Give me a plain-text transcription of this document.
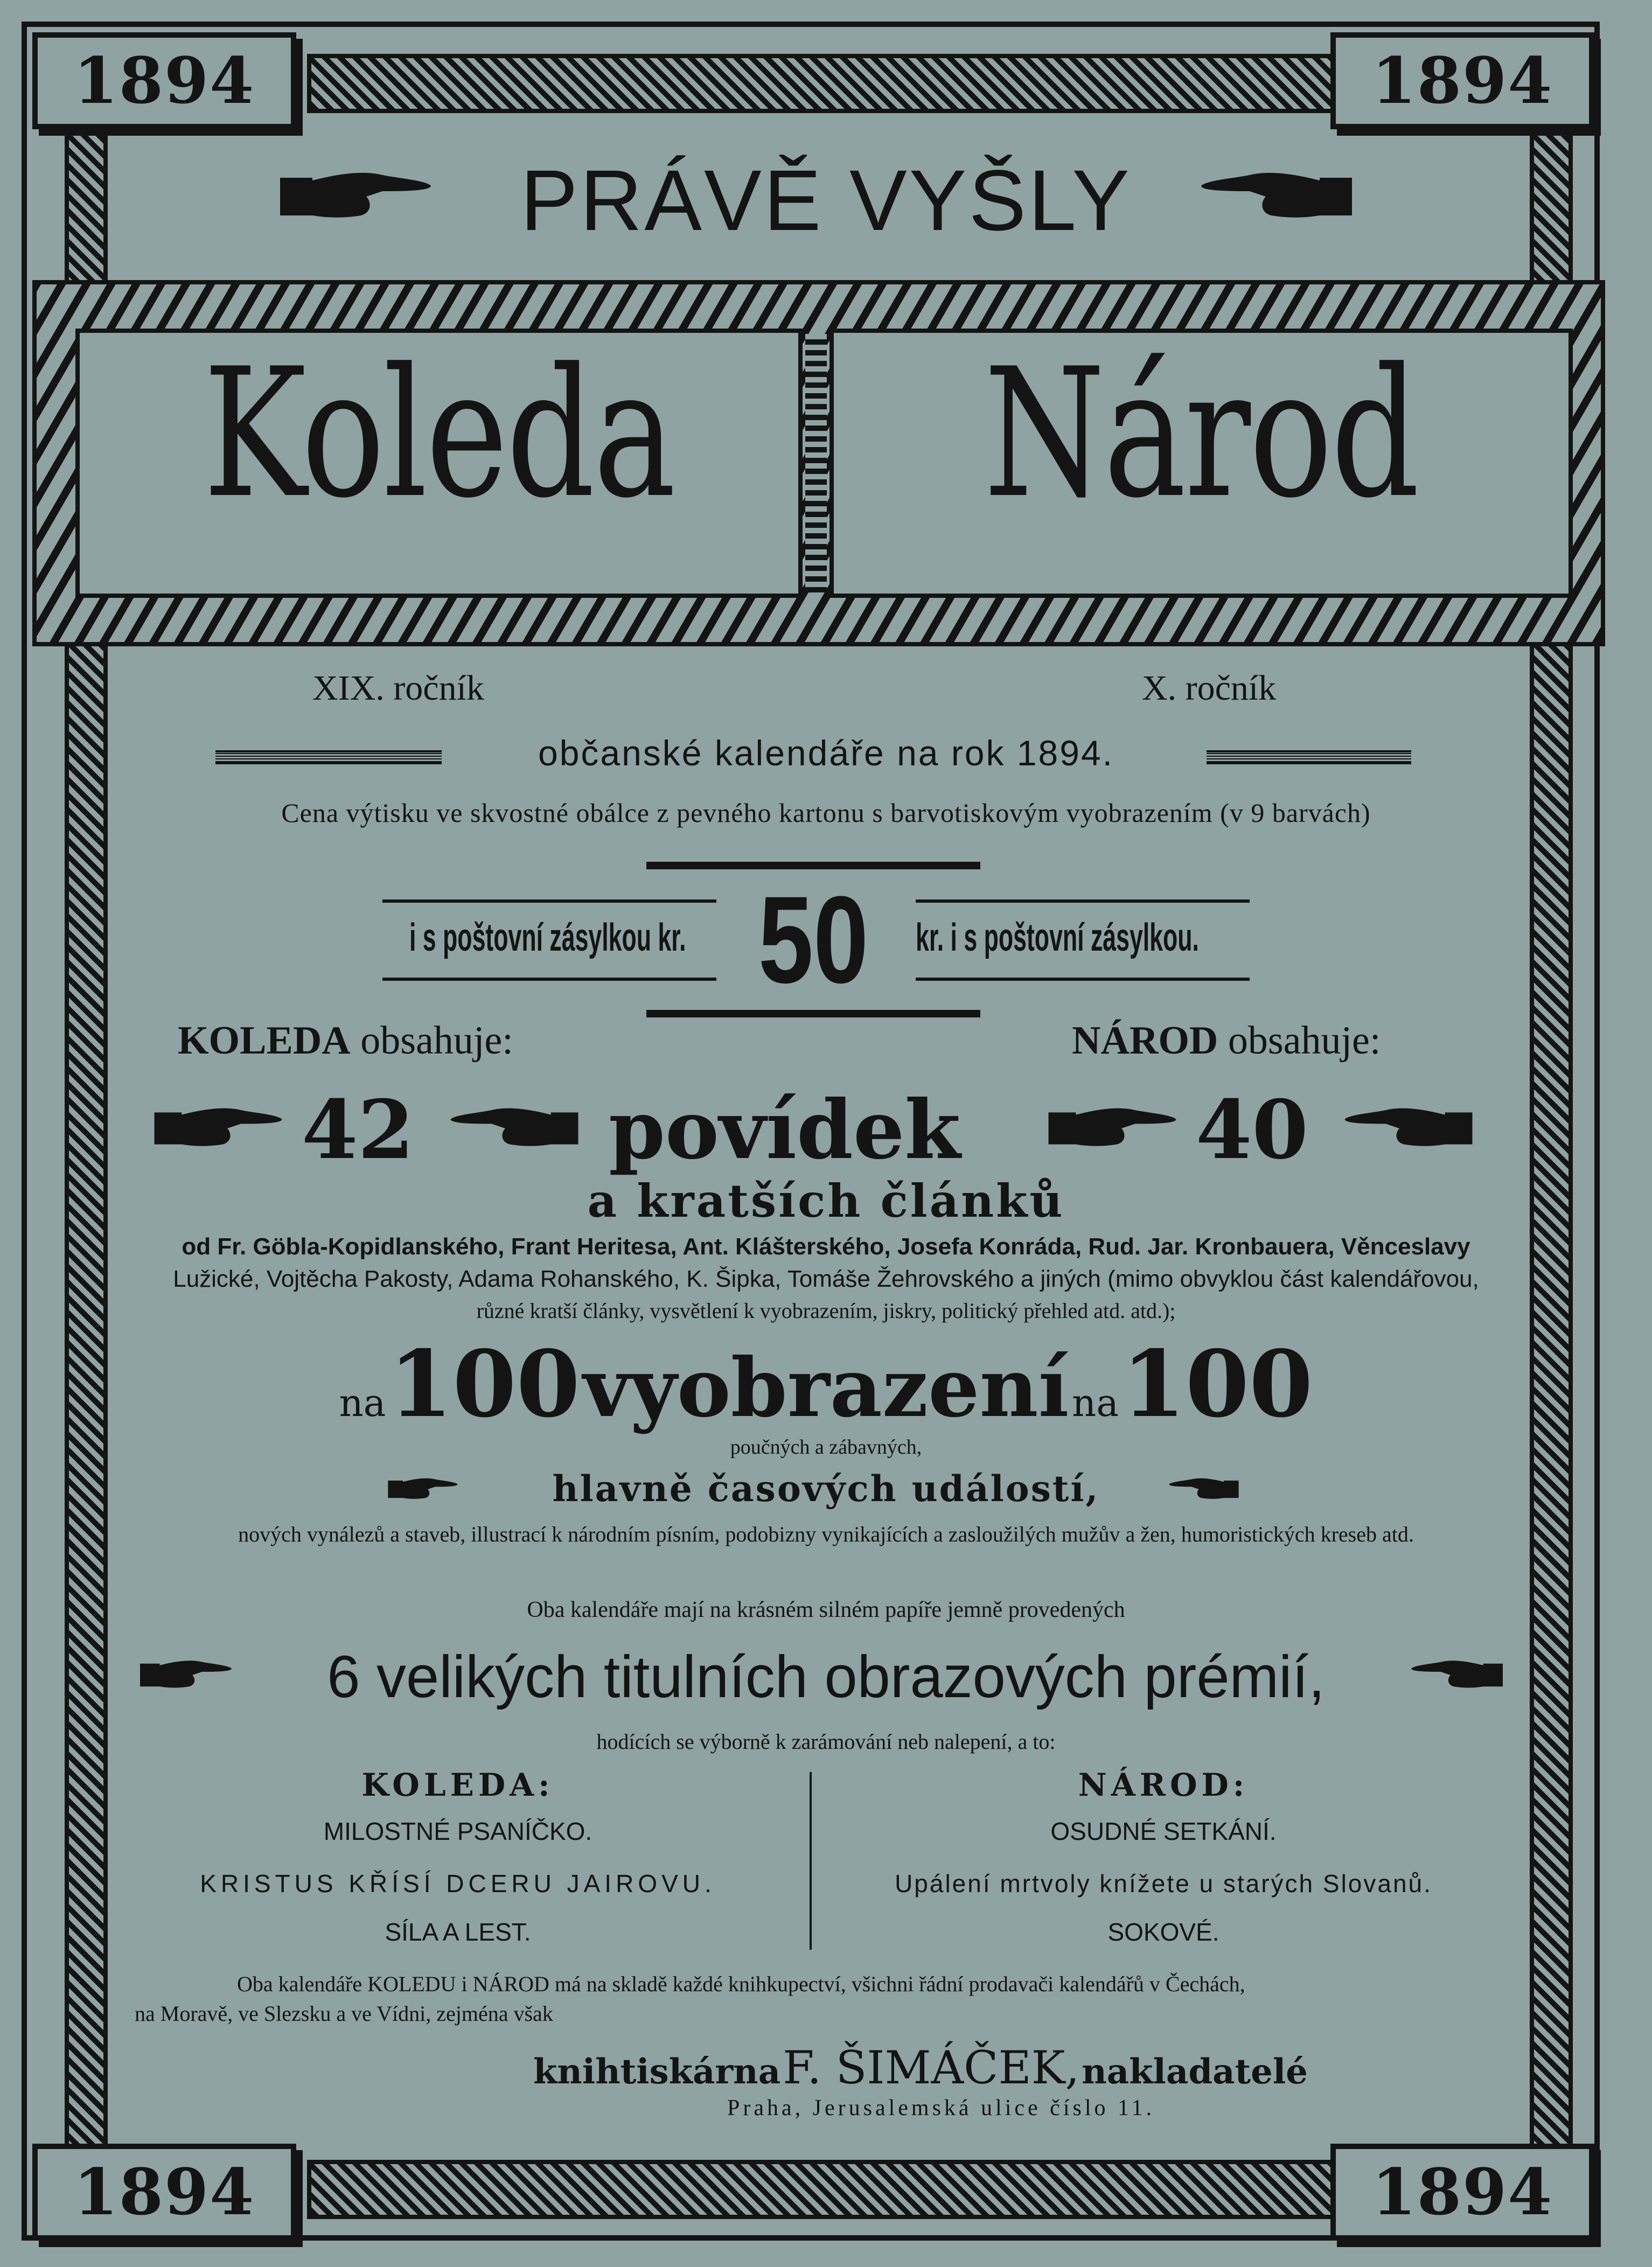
1894	1894
1894	1894
PRÁVĚ VYŠLY
Koleda	Národ
XIX. ročník	X. ročník
občanské kalendáře na rok 1894.
Cena výtisku ve skvostné obálce z pevného kartonu s barvotiskovým vyobrazením (v 9 barvách)
i s poštovní zásylkou kr. 50 kr. i s poštovní zásylkou.
KOLEDA obsahuje:	NÁROD obsahuje:
42 povídek	40
a kratších článků
od Fr. Göbla-Kopidlanského, Frant Heritesa, Ant. Klášterského, Josefa Konráda, Rud. Jar. Kronbauera, Věnceslavy
Lužické, Vojtěcha Pakosty, Adama Rohanského, K. Šipka, Tomáše Žehrovského a jiných (mimo obvyklou část kalendářovou,
různé kratší články, vysvětlení k vyobrazením, jiskry, politický přehled atd. atd.);
na 100 vyobrazení na 100
poučných a zábavných,
hlavně časových událostí,
nových vynálezů a staveb, illustrací k národním písním, podobizny vynikajících a zasloužilých mužův a žen, humoristických kreseb atd.
Oba kalendáře mají na krásném silném papíře jemně provedených
6 velikých titulních obrazových prémií,
hodících se výborně k zarámování neb nalepení, a to:
KOLEDA:
MILOSTNÉ PSANÍČKO.
KRISTUS KŘÍSÍ DCERU JAIROVU.
SÍLA A LEST.
NÁROD:
OSUDNÉ SETKÁNÍ.
Upálení mrtvoly knížete u starých Slovanů.
SOKOVÉ.
Oba kalendáře KOLEDU i NÁROD má na skladě každé knihkupectví, všichni řádní prodavači kalendářů v Čechách,
na Moravě, ve Slezsku a ve Vídni, zejména však
knihtiskárna F. ŠIMÁČEK, nakladatelé
Praha, Jerusalemská ulice číslo 11.
